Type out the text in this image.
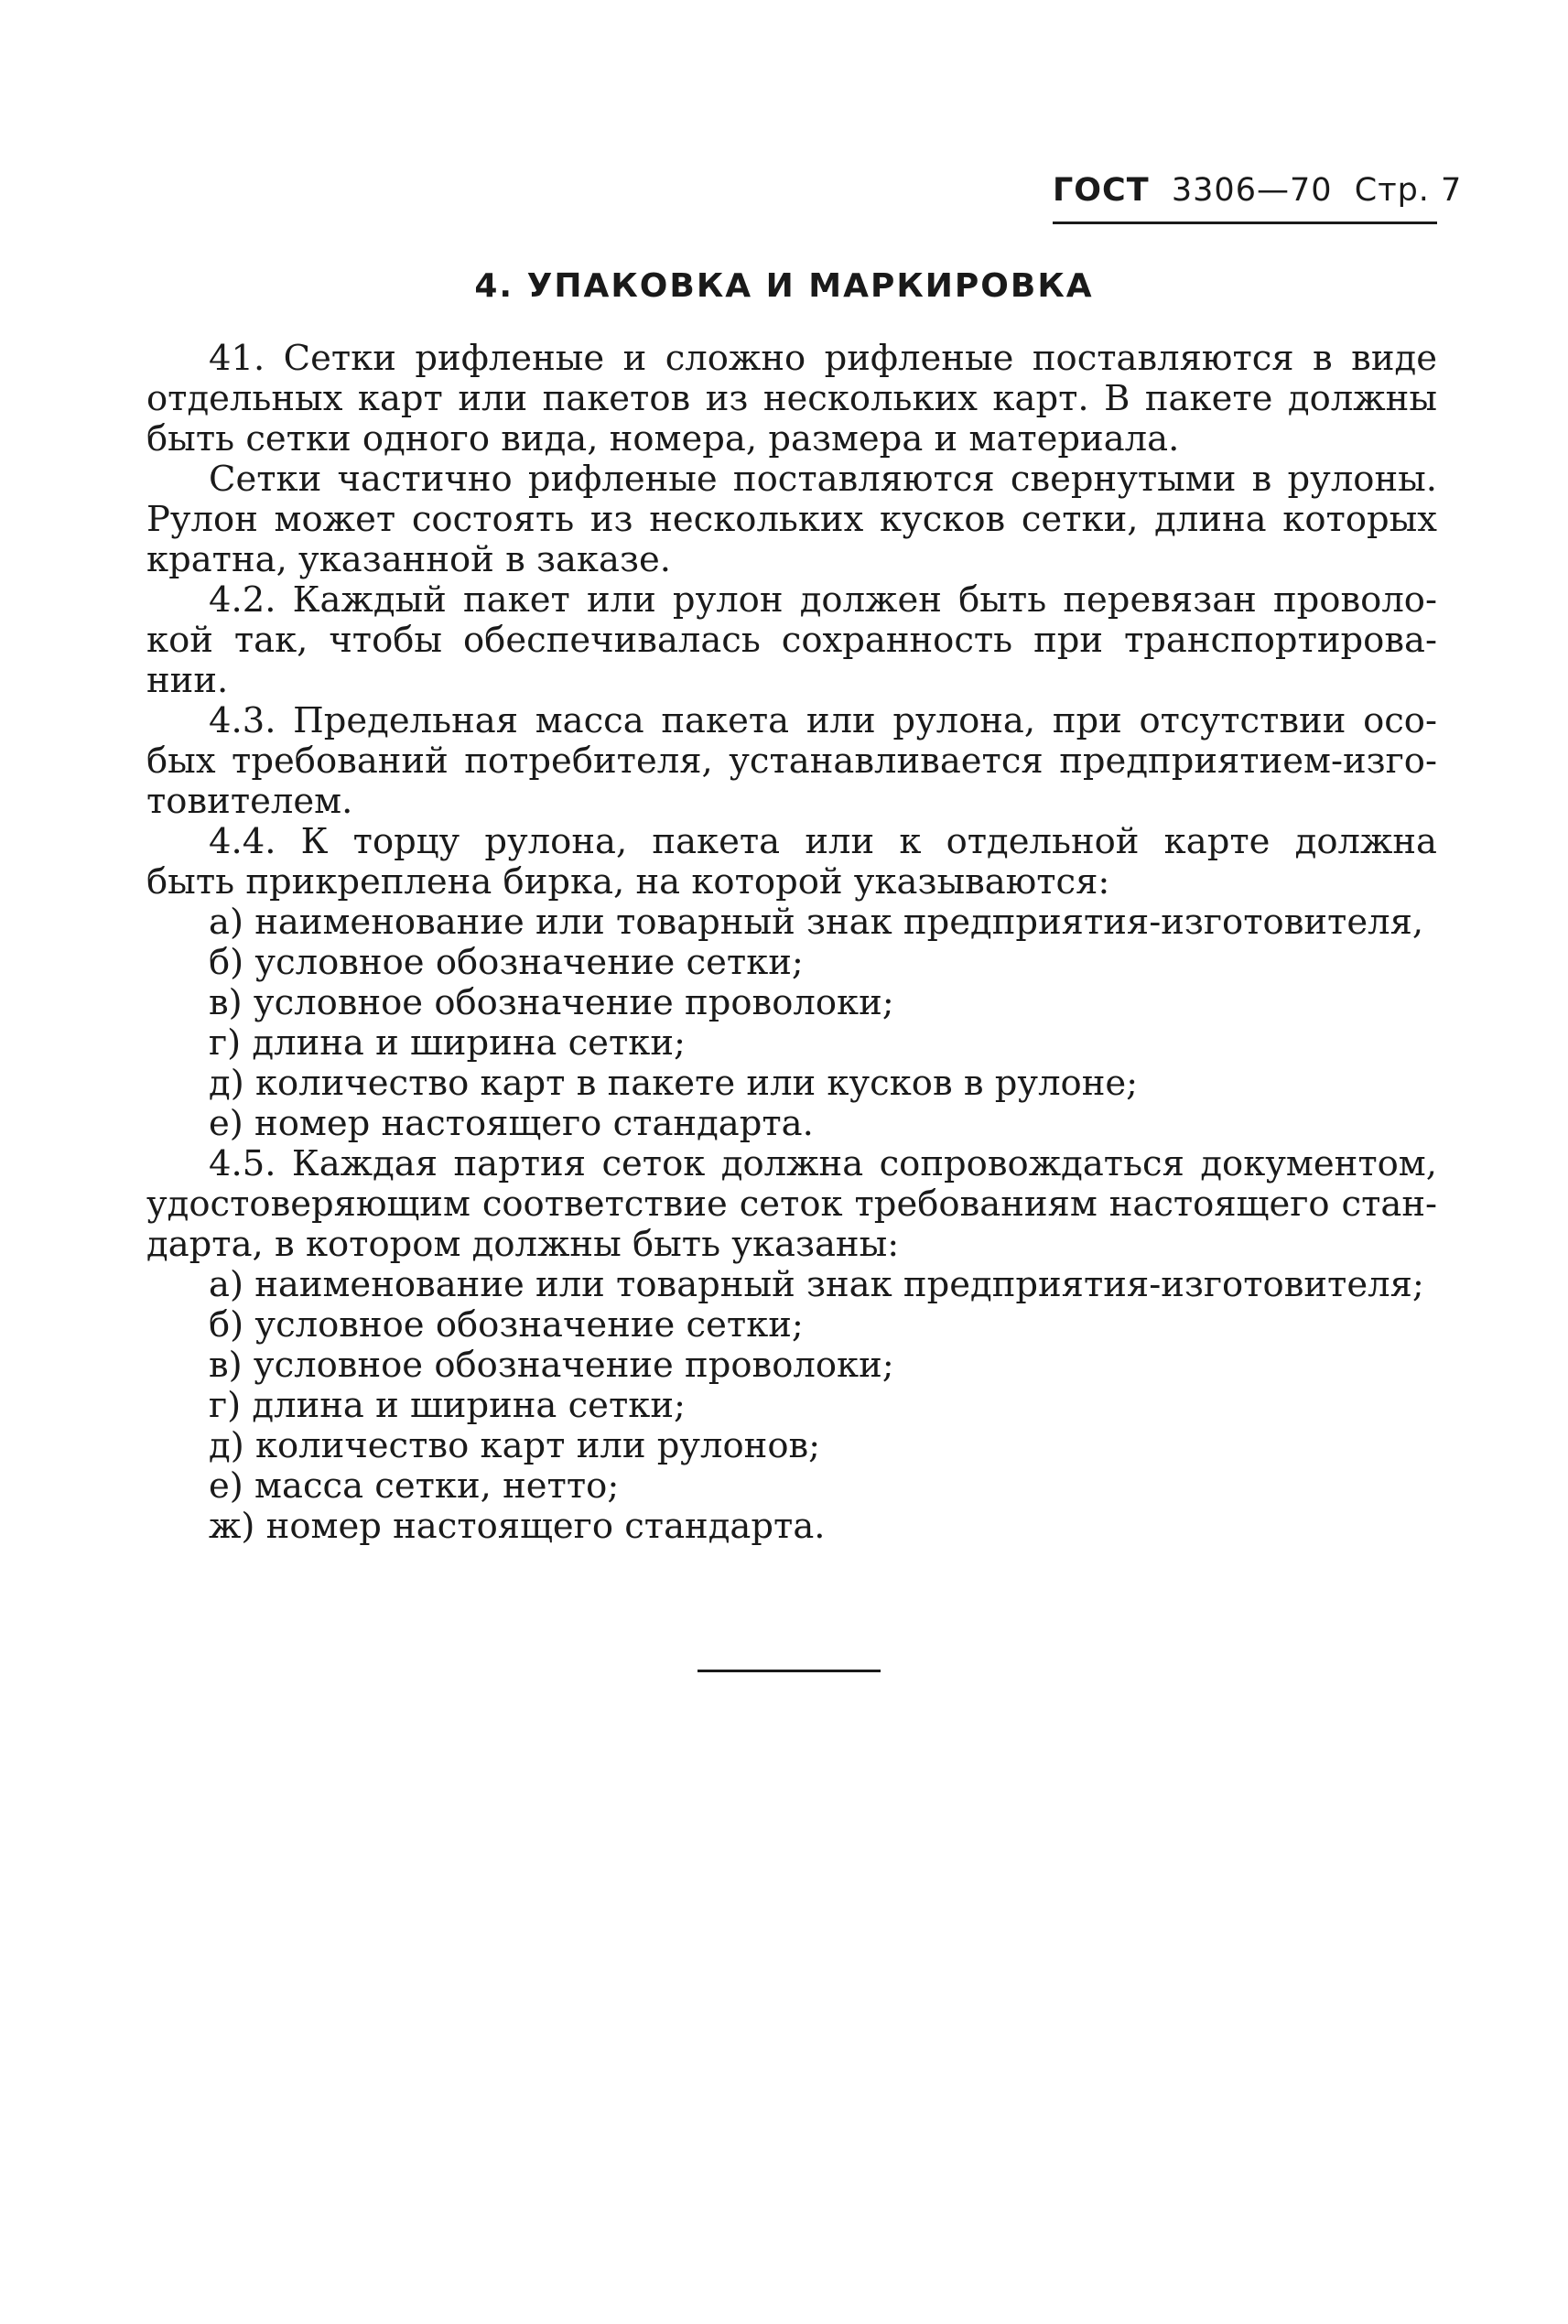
ГОСТ 3306—70 Стр. 7
4. УПАКОВКА И МАРКИРОВКА
41. Сетки рифленые и сложно рифленые поставляются в виде
отдельных карт или пакетов из нескольких карт. В пакете должны
быть сетки одного вида, номера, размера и материала.
Сетки частично рифленые поставляются свернутыми в рулоны.
Рулон может состоять из нескольких кусков сетки, длина которых
кратна, указанной в заказе.
4.2. Каждый пакет или рулон должен быть перевязан проволо-
кой так, чтобы обеспечивалась сохранность при транспортирова-
нии.
4.3. Предельная масса пакета или рулона, при отсутствии осо-
бых требований потребителя, устанавливается предприятием-изго-
товителем.
4.4. К торцу рулона, пакета или к отдельной карте должна
быть прикреплена бирка, на которой указываются:
а) наименование или товарный знак предприятия-изготовителя,
б) условное обозначение сетки;
в) условное обозначение проволоки;
г) длина и ширина сетки;
д) количество карт в пакете или кусков в рулоне;
е) номер настоящего стандарта.
4.5. Каждая партия сеток должна сопровождаться документом,
удостоверяющим соответствие сеток требованиям настоящего стан-
дарта, в котором должны быть указаны:
а) наименование или товарный знак предприятия-изготовителя;
б) условное обозначение сетки;
в) условное обозначение проволоки;
г) длина и ширина сетки;
д) количество карт или рулонов;
е) масса сетки, нетто;
ж) номер настоящего стандарта.
